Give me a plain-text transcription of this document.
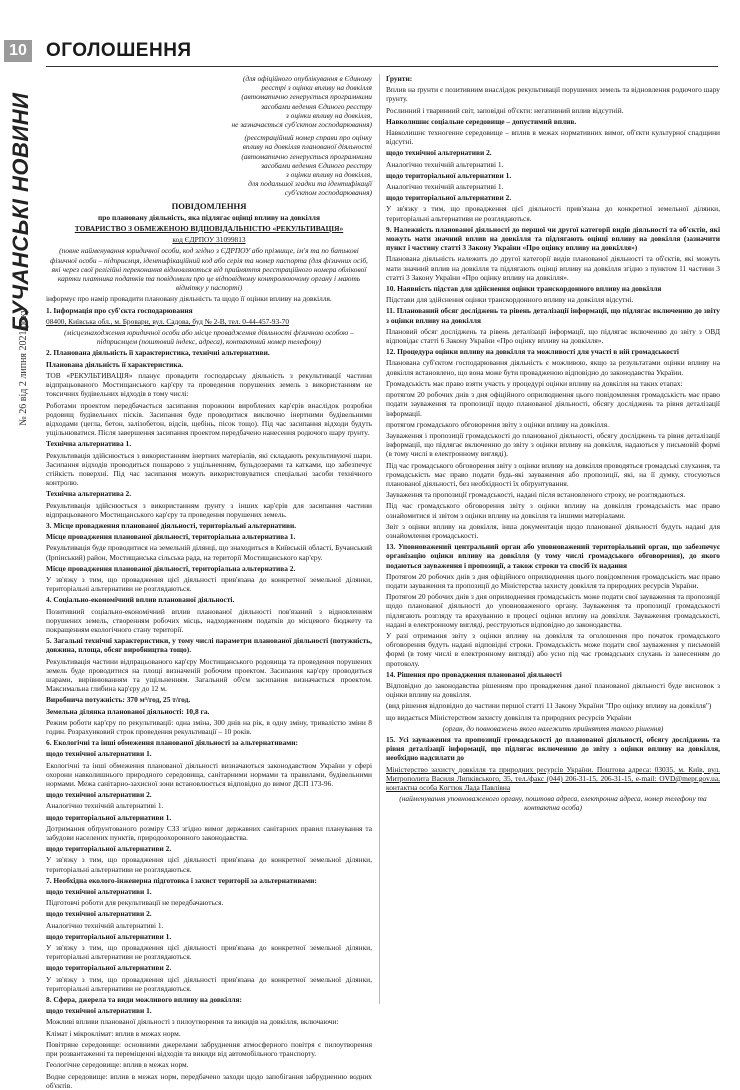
10
БУЧАНСЬКІ НОВИНИ
№ 26 від 2 липня 2021 року
ОГОЛОШЕННЯ

(для офіційного опублікування в Єдиному

реєстрі з оцінки впливу на довкілля

(автоматично генерується програмними

засобами ведення Єдиного реєстру

з оцінки впливу на довкілля,

не зазначається суб'єктом господарювання)

(реєстраційний номер справи про оцінку

впливу на довкілля планованої діяльності

(автоматично генерується програмними

засобами ведення Єдиного реєстру

з оцінки впливу на довкілля,

для подальшої згадки та ідентифікації

суб'єктом господарювання)

ПОВІДОМЛЕННЯ

про плановану діяльність, яка підлягає оцінці впливу на довкілля

ТОВАРИСТВО З ОБМЕЖЕНОЮ ВІДПОВІДАЛЬНІСТЮ «РЕКУЛЬТИВАЦІЯ»

код ЄДРПОУ 31099813

(повне найменування юридичної особи, код згідно з ЄДРПОУ або прізвище, ім'я та по батькові фізичної особи – підприємця, ідентифікаційний код або серія та номер паспорта (для фізичних осіб, які через свої релігійні переконання відмовляються від прийняття реєстраційного номера облікової картки платника податків та повідомили про це відповідному контролюючому органу і мають відмітку у паспорті)

інформує про намір провадити плановану діяльність та щодо її оцінки впливу на довкілля.

1. Інформація про суб'єкта господарювання

08400, Київська обл., м. Бровари, вул. Садова, буд № 2-В, тел. 0-44-457-93-70

(місцезнаходження юридичної особи або місце провадження діяльності фізичною особою – підприємцем (поштовий індекс, адреса), контактний номер телефону)

2. Планована діяльність її характеристика, технічні альтернативи.

Планована діяльність її характеристика.

ТОВ «РЕКУЛЬТИВАЦІЯ» планує провадити господарську діяльність з рекультивації частини відпрацьованого Мостищанського кар'єру та проведення порушених земель з використанням не токсичних будівельних відходів в тому числі:

Роботами проектом передбачається засипання порожнин вироблених кар'єрів внаслідок розробки родовищ будівельних пісків. Засипання буде проводитися виключно інертними будівельними відходами (цегла, бетон, залізобетон, відсів, щебінь, пісок тощо). Під час засипання відходи будуть ущільнюватися. Після завершення засипання проектом передбачено нанесення родючого шару ґрунту.

Технічна альтернатива 1.

Рекультивація здійснюється з використанням інертних матеріалів, які складають рекультивуючі шари. Засипання відходів проводиться пошарово з ущільненням, бульдозерами та катками, що забезпечує стійкість поверхні. Під час засипання можуть використовуватися спеціальні засоби технічного контролю.

Технічна альтернатива 2.

Рекультивація здійснюється з використанням ґрунту з інших кар'єрів для засипання частини відпрацьованого Мостищанського кар'єру та проведення порушених земель.

3. Місце провадження планованої діяльності, територіальні альтернативи.

Місце провадження планованої діяльності, територіальна альтернатива 1.

Рекультивація буде проводитися на земельній ділянці, що знаходиться в Київській області, Бучанський (Ірпінський) район, Мостищанська сільська рада, на території Мостищанського кар'єру.

Місце провадження планованої діяльності, територіальна альтернатива 2.

У зв'язку з тим, що провадження цієї діяльності прив'язана до конкретної земельної ділянки, територіальні альтернативи не розглядаються.

4. Соціально-економічний вплив планованої діяльності.

Позитивний соціально-економічний вплив планованої діяльності пов'язаний з відновленням порушених земель, створенням робочих місць, надходженням податків до місцевого бюджету та покращенням екологічного стану території.

5. Загальні технічні характеристики, у тому числі параметри планованої діяльності (потужність, довжина, площа, обсяг виробництва тощо).

Рекультивація частини відпрацьованого кар'єру Мостищанського родовища та проведення порушених земель буде проводитися на площі визначеній робочим проектом. Засипання кар'єру проводиться шарами, вирівнюванням та ущільненням. Загальний об'єм засипання визначається проектом. Максимальна глибина кар'єру до 12 м.

Виробнича потужність: 370 м³/год, 25 т/год.

Земельна ділянка планованої діяльності: 10,8 га.

Режим роботи кар'єру по рекультивації: одна зміна, 300 днів на рік, в одну зміну, тривалістю зміни 8 годин. Розрахунковий строк проведення рекультивації – 10 років.

6. Екологічні та інші обмеження планованої діяльності за альтернативами:

щодо технічної альтернативи 1.

Екологічні та інші обмеження планованої діяльності визначаються законодавством України у сфері охорони навколишнього природного середовища, санітарними нормами та правилами, будівельними нормами. Межа санітарно-захисної зони встановлюється відповідно до вимог ДСП 173-96.

щодо технічної альтернативи 2.

Аналогічно технічній альтернативі 1.

щодо територіальної альтернативи 1.

Дотримання обґрунтованого розміру СЗЗ згідно вимог державних санітарних правил планування та забудови населених пунктів, природоохоронного законодавства.

щодо територіальної альтернативи 2.

У зв'язку з тим, що провадження цієї діяльності прив'язана до конкретної земельної ділянки, територіальні альтернативи не розглядаються.

7. Необхідна еколого-інженерна підготовка і захист території за альтернативами:

щодо технічної альтернативи 1.

Підготовчі роботи для рекультивації не передбачаються.

щодо технічної альтернативи 2.

Аналогічно технічній альтернативі 1.

щодо територіальної альтернативи 1.

У зв'язку з тим, що провадження цієї діяльності прив'язана до конкретної земельної ділянки, територіальні альтернативи не розглядаються.

щодо територіальної альтернативи 2.

У зв'язку з тим, що провадження цієї діяльності прив'язана до конкретної земельної ділянки, територіальні альтернативи не розглядаються.

8. Сфера, джерела та види можливого впливу на довкілля:

щодо технічної альтернативи 1.

Можливі впливи планованої діяльності з пилоутворення та викидів на довкілля, включаючи:

Клімат і мікроклімат: вплив в межах норм.

Повітряне середовище: основними джерелами забруднення атмосферного повітря є пилоутворення при розвантаженні та переміщенні відходів та викиди від автомобільного транспорту.

Геологічне середовище: вплив в межах норм.

Водне середовище: вплив в межах норм, передбачено заходи щодо запобігання забрудненню водних об'єктів.

Ґрунти:

Вплив на ґрунти є позитивним внаслідок рекультивації порушених земель та відновлення родючого шару ґрунту.

Рослинний і тваринний світ, заповідні об'єкти: негативний вплив відсутній.

Навколишнє соціальне середовище – допустимий вплив.

Навколишнє техногенне середовище – вплив в межах нормативних вимог, об'єкти культурної спадщини відсутні.

щодо технічної альтернативи 2.

Аналогічно технічній альтернативі 1.

щодо територіальної альтернативи 1.

Аналогічно технічній альтернативі 1.

щодо територіальної альтернативи 2.

У зв'язку з тим, що провадження цієї діяльності прив'язана до конкретної земельної ділянки, територіальні альтернативи не розглядаються.

9. Належність планованої діяльності до першої чи другої категорії видів діяльності та об'єктів, які можуть мати значний вплив на довкілля та підлягають оцінці впливу на довкілля (зазначити пункт і частину статті 3 Закону України «Про оцінку впливу на довкілля»)

Планована діяльність належить до другої категорії видів планованої діяльності та об'єктів, які можуть мати значний вплив на довкілля та підлягають оцінці впливу на довкілля згідно з пунктом 11 частини 3 статті 3 Закону України «Про оцінку впливу на довкілля».

10. Наявність підстав для здійснення оцінки транскордонного впливу на довкілля

Підстави для здійснення оцінки транскордонного впливу на довкілля відсутні.

11. Планований обсяг досліджень та рівень деталізації інформації, що підлягає включенню до звіту з оцінки впливу на довкілля

Плановий обсяг досліджень та рівень деталізації інформації, що підлягає включенню до звіту з ОВД відповідає статті 6 Закону України «Про оцінку впливу на довкілля».

12. Процедура оцінки впливу на довкілля та можливості для участі в ній громадськості

Планована суб'єктом господарювання діяльність є можливою, якщо за результатами оцінки впливу на довкілля встановлено, що вона може бути провадженою відповідно до законодавства України.

Громадськість має право взяти участь у процедурі оцінки впливу на довкілля на таких етапах:

протягом 20 робочих днів з дня офіційного оприлюднення цього повідомлення громадськість має право подати зауваження та пропозиції щодо планованої діяльності, обсягу досліджень та рівня деталізації інформації.

протягом громадського обговорення звіту з оцінки впливу на довкілля.

Зауваження і пропозиції громадськості до планованої діяльності, обсягу досліджень та рівня деталізації інформації, що підлягає включенню до звіту з оцінки впливу на довкілля, надаються у письмовій формі (в тому числі в електронному вигляді).

Під час громадського обговорення звіту з оцінки впливу на довкілля проводяться громадські слухання, та громадськість має право подати будь-які зауваження або пропозиції, які, на її думку, стосуються планованої діяльності, без необхідності їх обґрунтування.

Зауваження та пропозиції громадськості, надані після встановленого строку, не розглядаються.

Під час громадського обговорення звіту з оцінки впливу на довкілля громадськість має право ознайомитися зі звітом з оцінки впливу на довкілля та іншими матеріалами.

Звіт з оцінки впливу на довкілля, інша документація щодо планованої діяльності будуть надані для ознайомлення громадськості.

13. Уповноважений центральний орган або уповноважений територіальний орган, що забезпечує організацію оцінки впливу на довкілля (у тому числі громадського обговорення), до якого подаються зауваження і пропозиції, а також строки та спосіб їх надання

Протягом 20 робочих днів з дня офіційного оприлюднення цього повідомлення громадськість має право подати зауваження та пропозиції до Міністерства захисту довкілля та природних ресурсів України.

Протягом 20 робочих днів з дня оприлюднення громадськість може подати свої зауваження та пропозиції щодо планованої діяльності до уповноваженого органу. Зауваження та пропозиції громадськості підлягають розгляду та врахуванню в процесі оцінки впливу на довкілля. Зауваження громадськості, надані в електронному вигляді, реєструються відповідно до законодавства.

У разі отримання звіту з оцінки впливу на довкілля та оголошення про початок громадського обговорення будуть надані відповідні строки. Громадськість може подати свої зауваження у письмовій формі (в тому числі в електронному вигляді) або усно під час громадських слухань із занесенням до протоколу.

14. Рішення про провадження планованої діяльності

Відповідно до законодавства рішенням про провадження даної планованої діяльності буде висновок з оцінки впливу на довкілля.

(вид рішення відповідно до частини першої статті 11 Закону України "Про оцінку впливу на довкілля")

що видається Міністерством захисту довкілля та природних ресурсів України

(орган, до повноважень якого належить прийняття такого рішення)

15. Усі зауваження та пропозиції громадськості до планованої діяльності, обсягу досліджень та рівня деталізації інформації, що підлягає включенню до звіту з оцінки впливу на довкілля, необхідно надсилати до

Міністерство захисту довкілля та природних ресурсів України. Поштова адреса: 03035, м. Київ, вул. Митрополита Василя Липківського, 35, тел./факс (044) 206-31-15, 206-31-15, e-mail: OVD@mepr.gov.ua, контактна особа Когтюк Лада Павлівна

(найменування уповноваженого органу, поштова адреса, електронна адреса, номер телефону та контактна особа)
